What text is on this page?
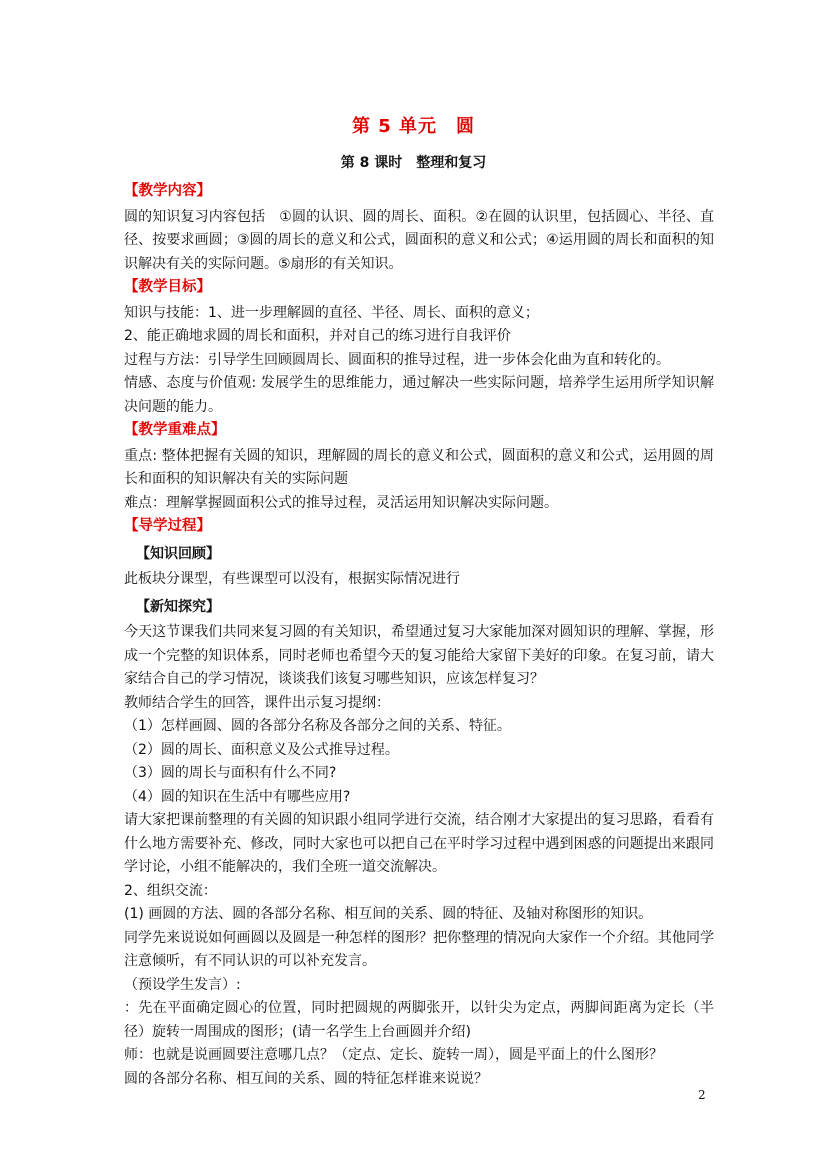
第 5 单元　圆
第 8 课时　整理和复习
【教学内容】

圆的知识复习内容包括　①圆的认识、圆的周长、面积。②在圆的认识里，包括圆心、半径、直径、按要求画圆；③圆的周长的意义和公式，圆面积的意义和公式；④运用圆的周长和面积的知识解决有关的实际问题。⑤扇形的有关知识。

【教学目标】

知识与技能：1、进一步理解圆的直径、半径、周长、面积的意义；

2、能正确地求圆的周长和面积，并对自己的练习进行自我评价

过程与方法：引导学生回顾圆周长、圆面积的推导过程，进一步体会化曲为直和转化的。

情感、态度与价值观: 发展学生的思维能力，通过解决一些实际问题，培养学生运用所学知识解决问题的能力。

【教学重难点】

重点: 整体把握有关圆的知识，理解圆的周长的意义和公式，圆面积的意义和公式，运用圆的周长和面积的知识解决有关的实际问题

难点：理解掌握圆面积公式的推导过程，灵活运用知识解决实际问题。

【导学过程】
【知识回顾】

此板块分课型，有些课型可以没有，根据实际情况进行

【新知探究】

今天这节课我们共同来复习圆的有关知识，希望通过复习大家能加深对圆知识的理解、掌握，形成一个完整的知识体系，同时老师也希望今天的复习能给大家留下美好的印象。在复习前，请大家结合自己的学习情况，谈谈我们该复习哪些知识，应该怎样复习？

教师结合学生的回答，课件出示复习提纲：

（1）怎样画圆、圆的各部分名称及各部分之间的关系、特征。

（2）圆的周长、面积意义及公式推导过程。

（3）圆的周长与面积有什么不同?

（4）圆的知识在生活中有哪些应用?

请大家把课前整理的有关圆的知识跟小组同学进行交流，结合刚才大家提出的复习思路，看看有什么地方需要补充、修改，同时大家也可以把自己在平时学习过程中遇到困惑的问题提出来跟同学讨论，小组不能解决的，我们全班一道交流解决。

2、组织交流：

(1) 画圆的方法、圆的各部分名称、相互间的关系、圆的特征、及轴对称图形的知识。

同学先来说说如何画圆以及圆是一种怎样的图形？把你整理的情况向大家作一个介绍。其他同学注意倾听，有不同认识的可以补充发言。

（预设学生发言）:

：先在平面确定圆心的位置，同时把圆规的两脚张开，以针尖为定点，两脚间距离为定长（半径）旋转一周围成的图形；(请一名学生上台画圆并介绍)

师：也就是说画圆要注意哪几点？（定点、定长、旋转一周），圆是平面上的什么图形？

圆的各部分名称、相互间的关系、圆的特征怎样谁来说说？

2
